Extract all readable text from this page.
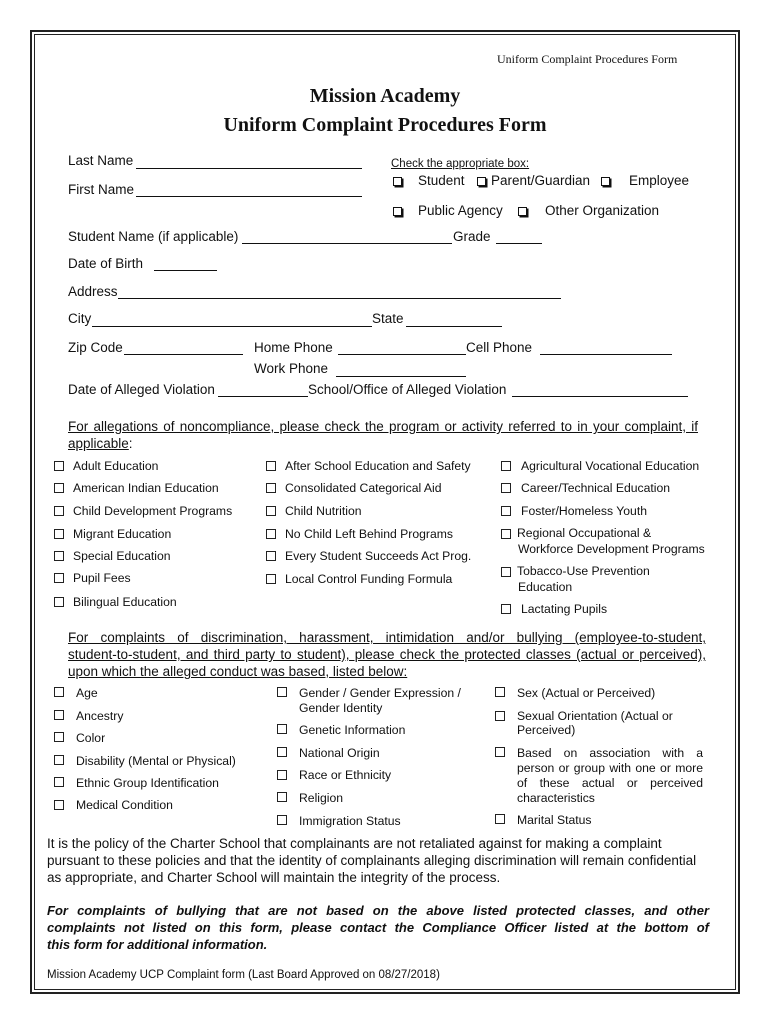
Uniform Complaint Procedures Form
Mission Academy
Uniform Complaint Procedures Form
Last Name
First Name
Check the appropriate box:
Student Parent/Guardian	Employee
Public Agency	Other Organization
Student Name (if applicable)	Grade
Date of Birth
Address
City	State
Zip Code	Home Phone	Cell Phone
Work Phone
Date of Alleged Violation	School/Office of Alleged Violation
For allegations of noncompliance, please check the program or activity referred to in your complaint, if applicable:
Adult Education
American Indian Education
Child Development Programs
Migrant Education
Special Education
Pupil Fees
Bilingual Education
After School Education and Safety
Consolidated Categorical Aid
Child Nutrition
No Child Left Behind Programs
Every Student Succeeds Act Prog.
Local Control Funding Formula
Agricultural Vocational Education
Career/Technical Education
Foster/Homeless Youth
Regional Occupational &
Workforce Development Programs
Tobacco-Use Prevention
Education
Lactating Pupils
For complaints of discrimination, harassment, intimidation and/or bullying (employee-to-student,
student-to-student, and third party to student), please check the protected classes (actual or perceived),
upon which the alleged conduct was based, listed below:
Age
Ancestry
Color
Disability (Mental or Physical)
Ethnic Group Identification
Medical Condition
Gender / Gender Expression /
Gender Identity
Genetic Information
National Origin
Race or Ethnicity
Religion
Immigration Status
Sex (Actual or Perceived)
Sexual Orientation (Actual or
Perceived)
Based on association with a
person or group with one or more
of these actual or perceived
characteristics
Marital Status
It is the policy of the Charter School that complainants are not retaliated against for making a complaint
pursuant to these policies and that the identity of complainants alleging discrimination will remain confidential
as appropriate, and Charter School will maintain the integrity of the process.
For complaints of bullying that are not based on the above listed protected classes, and other
complaints not listed on this form, please contact the Compliance Officer listed at the bottom of
this form for additional information.
Mission Academy UCP Complaint form (Last Board Approved on 08/27/2018)
